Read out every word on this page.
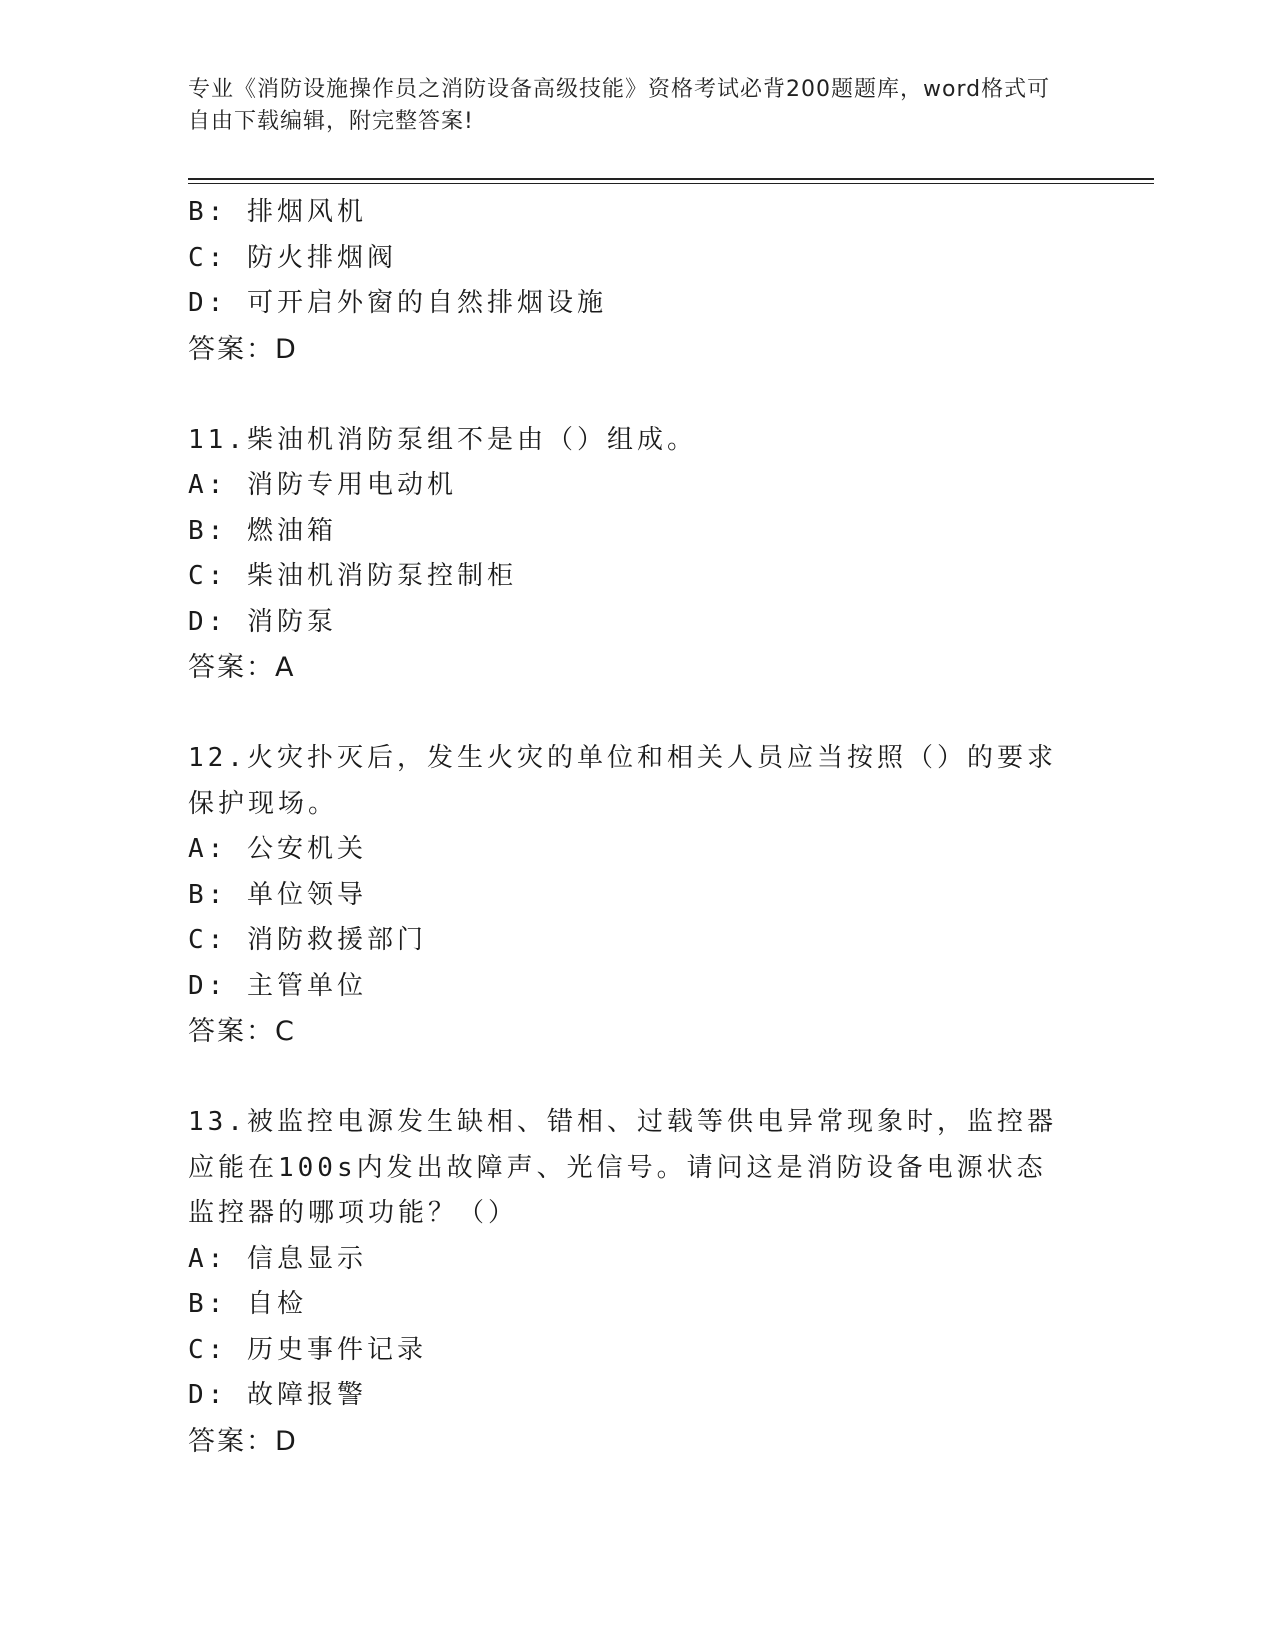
专业《消防设施操作员之消防设备高级技能》资格考试必背200题题库，word格式可自由下载编辑，附完整答案!
B: 排烟风机
C: 防火排烟阀
D: 可开启外窗的自然排烟设施
答案：D
11.柴油机消防泵组不是由（）组成。
A: 消防专用电动机
B: 燃油箱
C: 柴油机消防泵控制柜
D: 消防泵
答案：A
12.火灾扑灭后，发生火灾的单位和相关人员应当按照（）的要求保护现场。
A: 公安机关
B: 单位领导
C: 消防救援部门
D: 主管单位
答案：C
13.被监控电源发生缺相、错相、过载等供电异常现象时，监控器应能在100s内发出故障声、光信号。请问这是消防设备电源状态监控器的哪项功能？（）
A: 信息显示
B: 自检
C: 历史事件记录
D: 故障报警
答案：D
